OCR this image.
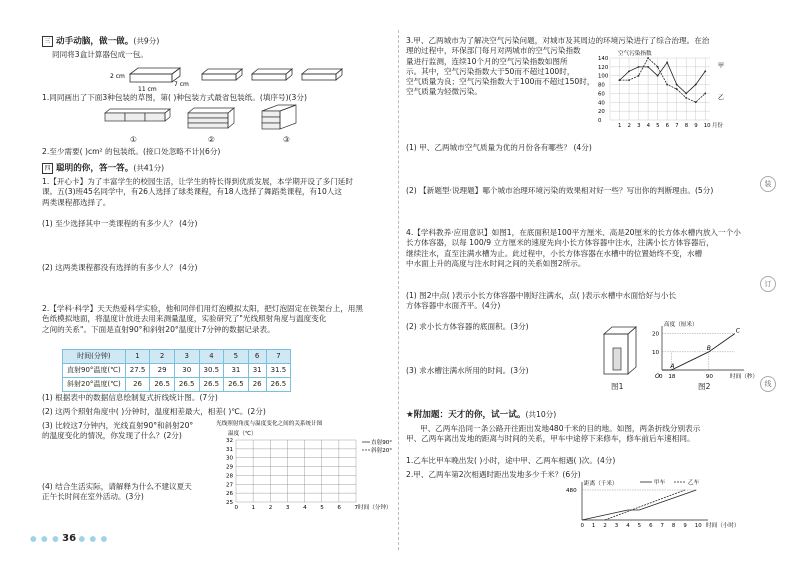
三 动手动脑，做一做。(共9分)
同同将3盒计算器包成一包。
2 cm
11 cm
7 cm
1.同同画出了下面3种包装的草图，第( )种包装方式最省包装纸。(填序号)(3分)
①	②	③
2.至少需要( )cm² 的包装纸。(接口处忽略不计)(6分)
四 聪明的你，答一答。(共41分)
1.【开心卡】为了丰富学生的校园生活，让学生的特长得到优质发展，本学期开设了多门延时
课。五(3)班45名同学中，有26人选择了球类课程，有18人选择了舞蹈类课程，有10人这
两类课程都选择了。
(1) 至少选择其中一类课程的有多少人？ (4分)
(2) 这两类课程都没有选择的有多少人？ (4分)
2.【学科·科学】天天热爱科学实验，他和同伴们用灯泡模拟太阳，把灯泡固定在铁架台上，用黑
色纸模拟地面，将温度计放进去用来测量温度，实验研究了"光线照射角度与温度变化
之间的关系"。下面是直射90°和斜射20°温度计7分钟的数据记录表。
时间(分钟)	1	2	3	4	5	6	7
直射90°温度(℃)	27.5	29	30	30.5	31	31	31.5
斜射20°温度(℃)	26	26.5	26.5	26.5	26.5	26	26.5
(1) 根据表中的数据信息绘制复式折线统计图。(7分)
(2) 这两个照射角度中( )分钟时，温度相差最大，相差( )℃。(2分)
(3) 比较这7分钟内，光线直射90°和斜射20°
的温度变化的情况，你发现了什么？(2分)
(4) 结合生活实际，请解释为什么不建议夏天
正午长时间在室外活动。(3分)
光线照射角度与温度变化之间的关系统计图
温度（℃）
0 1 2 3 4 5 6 7
25
26
27
28
29
30
31
32
时间（分钟）
直射90°
斜射20°
● ● ● 36 ● ● ●
3.甲、乙两城市为了解决空气污染问题，对城市及其周边的环境污染进行了综合治理。在治
理的过程中，环保部门每月对两城市的空气污染指数
量进行监测，连续10个月的空气污染指数如图所
示。其中，空气污染指数大于50而不超过100时，
空气质量为良；空气污染指数大于100而不超过150时，
空气质量为轻微污染。
空气污染指数
1 2 3 4 5 6 7 8 9 10
0
20
40
60
80
100
120
140
月份
甲
乙
(1) 甲、乙两城市空气质量为优的月份各有哪些？ (4分)
(2) 【新题型·说理题】哪个城市治理环境污染的效果相对好一些？写出你的判断理由。(5分)
4.【学科教养·应用意识】如图1，在底面积是100平方厘米、高是20厘米的长方体水槽内放入一个小
长方体容器，以每 100/9 立方厘米的速度先向小长方体容器中注水，注满小长方体容器后，
继续注水，直至注满水槽为止。此过程中，小长方体容器在水槽中的位置始终不变，水槽
中水面上升的高度与注水时间之间的关系如图2所示。
(1) 图2中点( )表示小长方体容器中刚好注满水，点( )表示水槽中水面恰好与小长
方体容器中水面齐平。(4分)
(2) 求小长方体容器的底面积。(3分)
(3) 求水槽注满水所用的时间。(3分)
图1
高度（厘米）
时间（秒）
10
20
0 18	90
A
B
C
O
图2
★附加题：天才的你，试一试。(共10分)
甲、乙两车沿同一条公路开往距出发地480千米的目的地。如图，两条折线分别表示
甲、乙两车离出发地的距离与时间的关系，甲车中途停下来修车，修车前后车速相同。
1.乙车比甲车晚出发( )小时，途中甲、乙两车相遇( )次。(4分)
2.甲、乙两车第2次相遇时距出发地多少千米？(6分)
距离（千米）
0 1 2 3 4 5 6 7 8 9 10 时间（小时）
480
甲车	乙车
装
订
线
